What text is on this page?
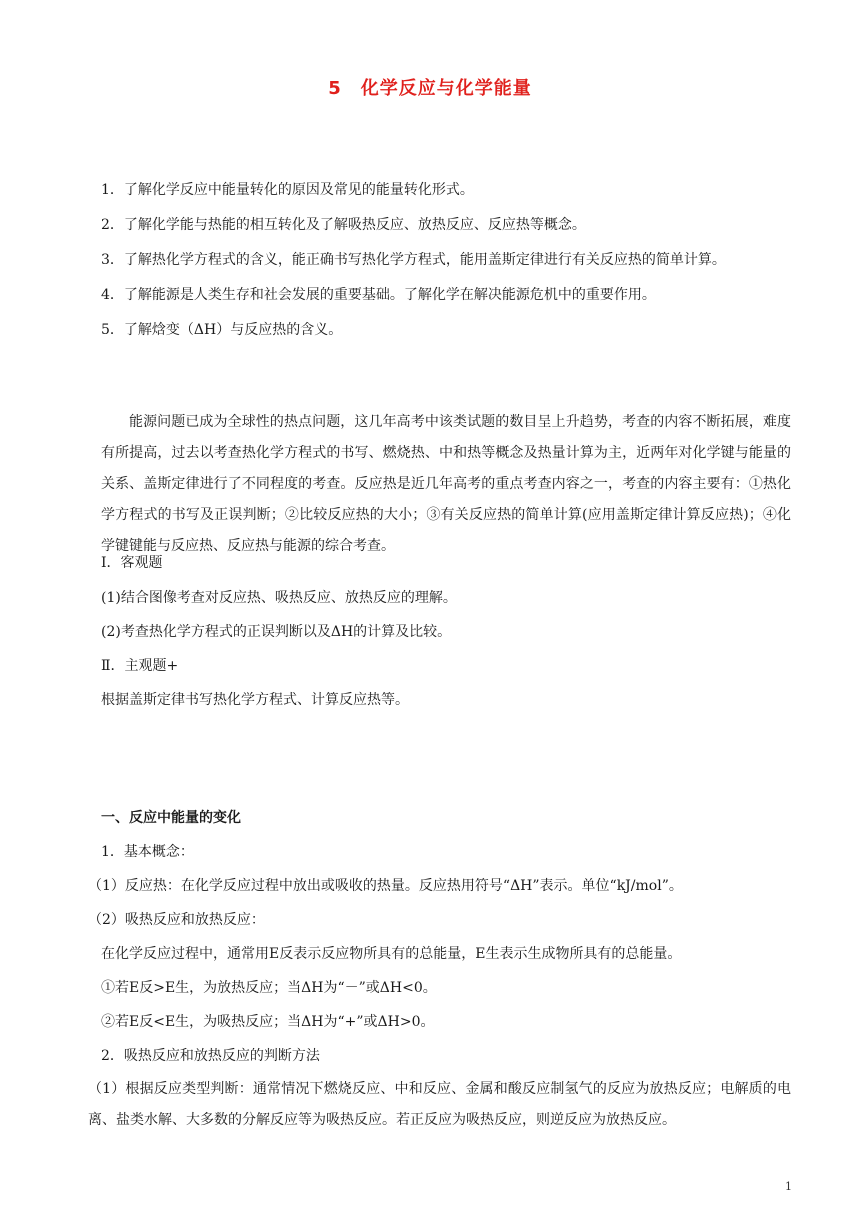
5　化学反应与化学能量
1．了解化学反应中能量转化的原因及常见的能量转化形式。
2．了解化学能与热能的相互转化及了解吸热反应、放热反应、反应热等概念。
3．了解热化学方程式的含义，能正确书写热化学方程式，能用盖斯定律进行有关反应热的简单计算。
4．了解能源是人类生存和社会发展的重要基础。了解化学在解决能源危机中的重要作用。
5．了解焓变（ΔH）与反应热的含义。
能源问题已成为全球性的热点问题，这几年高考中该类试题的数目呈上升趋势，考查的内容不断拓展，难度有所提高，过去以考查热化学方程式的书写、燃烧热、中和热等概念及热量计算为主，近两年对化学键与能量的关系、盖斯定律进行了不同程度的考查。反应热是近几年高考的重点考查内容之一，考查的内容主要有：①热化学方程式的书写及正误判断；②比较反应热的大小；③有关反应热的简单计算(应用盖斯定律计算反应热)；④化学键键能与反应热、反应热与能源的综合考查。
Ⅰ．客观题
(1)结合图像考查对反应热、吸热反应、放热反应的理解。
(2)考查热化学方程式的正误判断以及ΔH的计算及比较。
Ⅱ．主观题+
根据盖斯定律书写热化学方程式、计算反应热等。
一、反应中能量的变化
1．基本概念：
（1）反应热：在化学反应过程中放出或吸收的热量。反应热用符号“ΔH”表示。单位“kJ/mol”。
（2）吸热反应和放热反应：
在化学反应过程中，通常用E反表示反应物所具有的总能量，E生表示生成物所具有的总能量。
①若E反>E生，为放热反应；当ΔH为“－”或ΔH<0。
②若E反<E生，为吸热反应；当ΔH为“+”或ΔH>0。
2．吸热反应和放热反应的判断方法
（1）根据反应类型判断：通常情况下燃烧反应、中和反应、金属和酸反应制氢气的反应为放热反应；电解质的电离、盐类水解、大多数的分解反应等为吸热反应。若正反应为吸热反应，则逆反应为放热反应。
1
